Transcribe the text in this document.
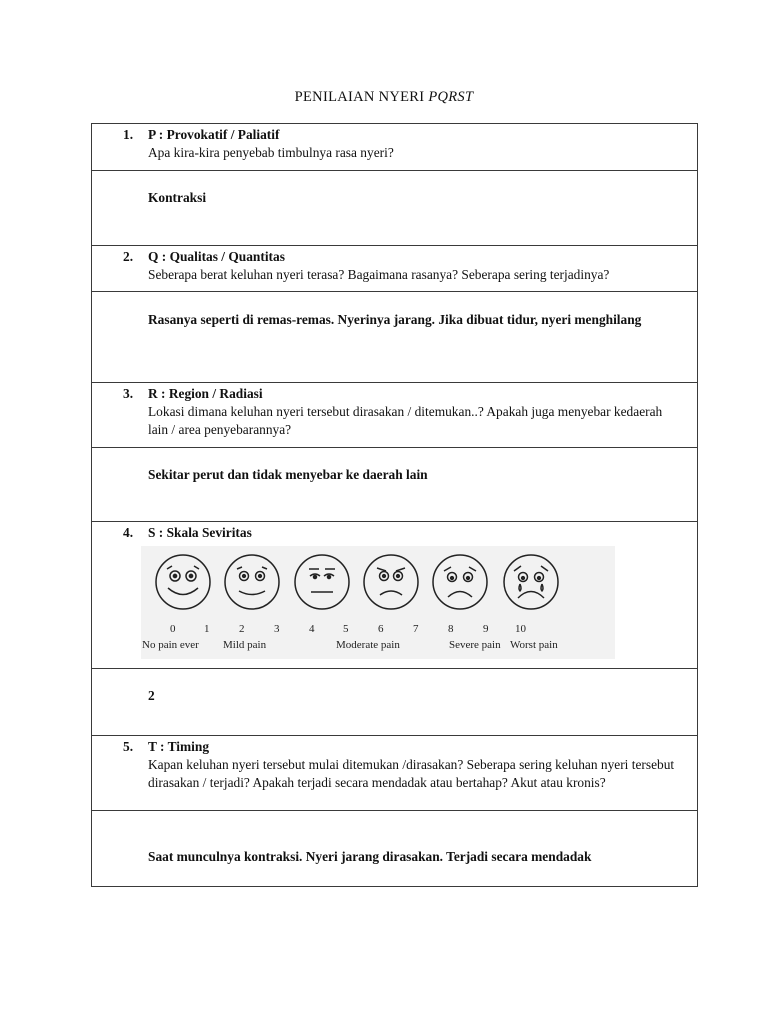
PENILAIAN NYERI PQRST
1. P : Provokatif / Paliatif
Apa kira-kira penyebab timbulnya rasa nyeri?

Kontraksi

2. Q : Qualitas / Quantitas
Seberapa berat keluhan nyeri terasa? Bagaimana rasanya? Seberapa sering terjadinya?

Rasanya seperti di remas-remas. Nyerinya jarang. Jika dibuat tidur, nyeri menghilang

3. R : Region / Radiasi
Lokasi dimana keluhan nyeri tersebut dirasakan / ditemukan..? Apakah juga menyebar kedaerah lain / area penyebarannya?

Sekitar perut dan tidak menyebar ke daerah lain

4. S : Skala Seviritas
0	1	2	3	4	5	6	7	8	9 10
No pain ever Mild pain	Moderate pain	Severe pain Worst pain

2

5. T : Timing
Kapan keluhan nyeri tersebut mulai ditemukan /dirasakan? Seberapa sering keluhan nyeri tersebut dirasakan / terjadi? Apakah terjadi secara mendadak atau bertahap? Akut atau kronis?

Saat munculnya kontraksi. Nyeri jarang dirasakan. Terjadi secara mendadak
